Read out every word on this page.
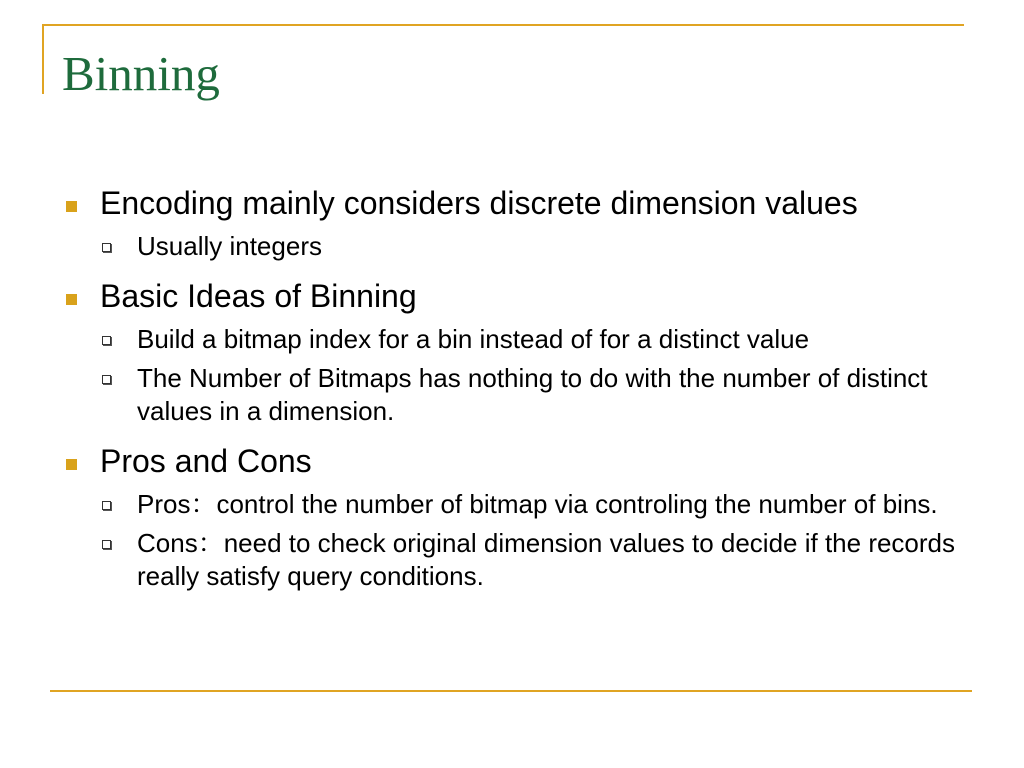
Binning
Encoding mainly considers discrete dimension values
Usually integers
Basic Ideas of Binning
Build a bitmap index for a bin instead of for a distinct value
The Number of Bitmaps has nothing to do with the number of distinct values in a dimension.
Pros and Cons
Pros：control the number of bitmap via controling the number of bins.
Cons：need to check original dimension values to decide if the records really satisfy query conditions.
